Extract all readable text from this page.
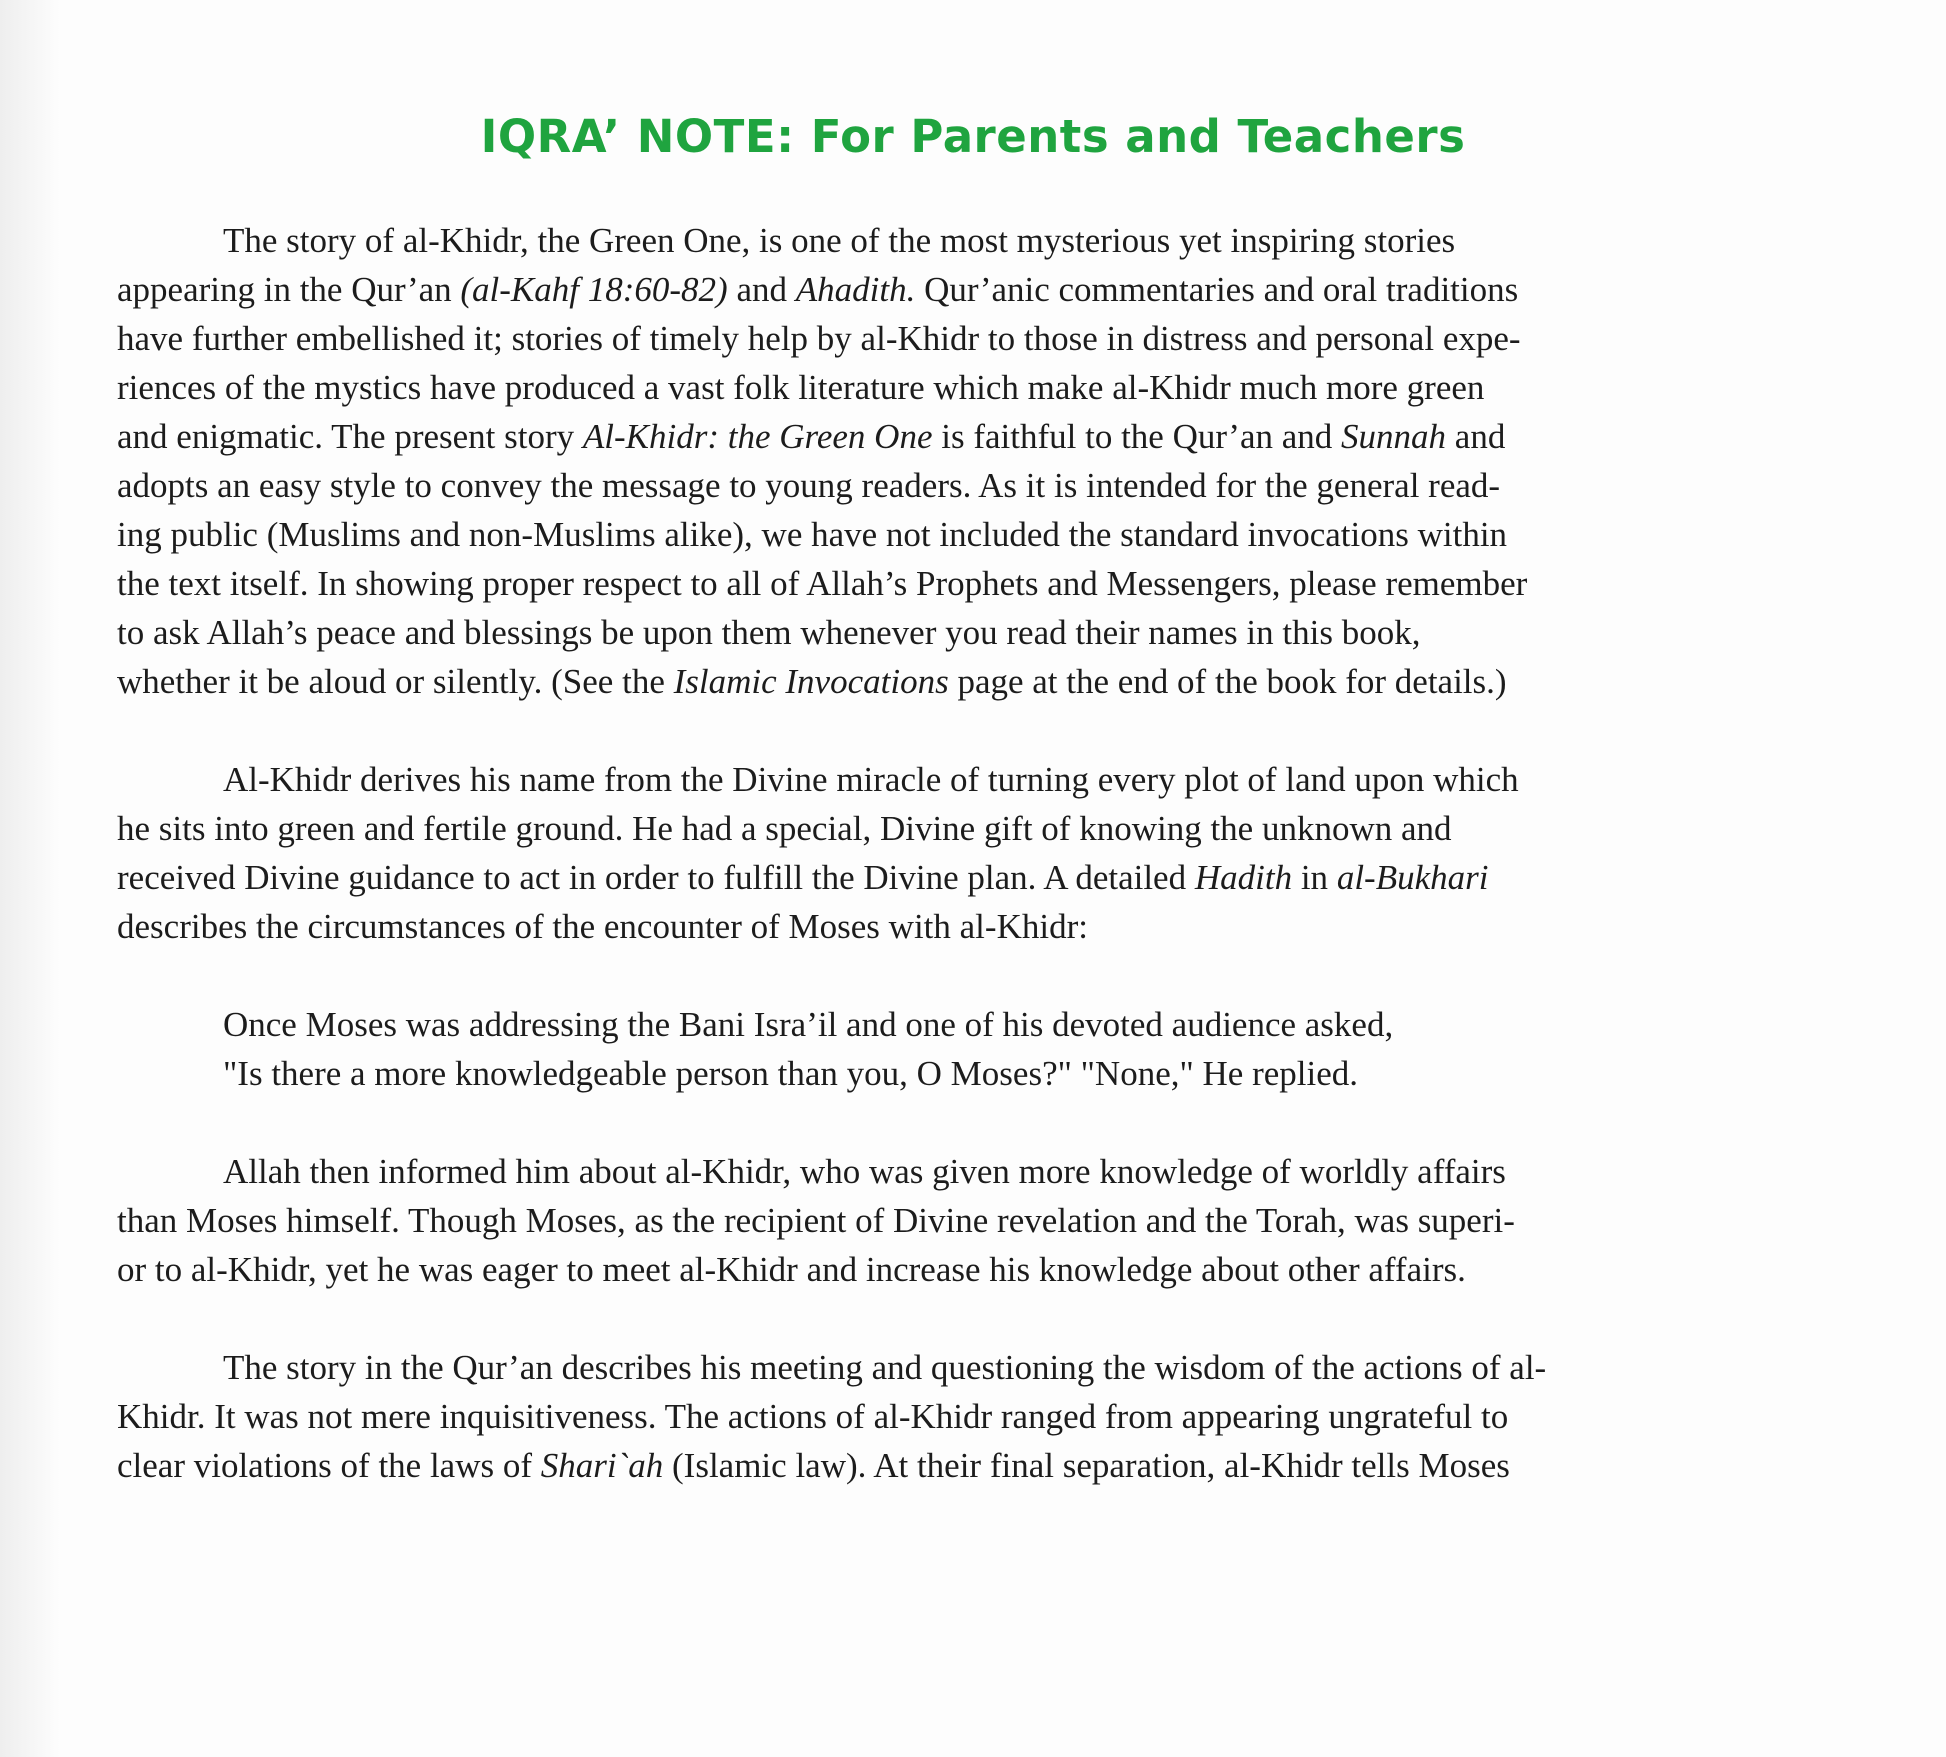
IQRA’ NOTE: For Parents and Teachers
The story of al-Khidr, the Green One, is one of the most mysterious yet inspiring stories
appearing in the Qur’an (al-Kahf 18:60-82) and Ahadith. Qur’anic commentaries and oral traditions
have further embellished it; stories of timely help by al-Khidr to those in distress and personal expe-
riences of the mystics have produced a vast folk literature which make al-Khidr much more green
and enigmatic. The present story Al-Khidr: the Green One is faithful to the Qur’an and Sunnah and
adopts an easy style to convey the message to young readers. As it is intended for the general read-
ing public (Muslims and non-Muslims alike), we have not included the standard invocations within
the text itself. In showing proper respect to all of Allah’s Prophets and Messengers, please remember
to ask Allah’s peace and blessings be upon them whenever you read their names in this book,
whether it be aloud or silently. (See the Islamic Invocations page at the end of the book for details.)
Al-Khidr derives his name from the Divine miracle of turning every plot of land upon which
he sits into green and fertile ground. He had a special, Divine gift of knowing the unknown and
received Divine guidance to act in order to fulfill the Divine plan. A detailed Hadith in al-Bukhari
describes the circumstances of the encounter of Moses with al-Khidr:
Once Moses was addressing the Bani Isra’il and one of his devoted audience asked,
"Is there a more knowledgeable person than you, O Moses?" "None," He replied.
Allah then informed him about al-Khidr, who was given more knowledge of worldly affairs
than Moses himself. Though Moses, as the recipient of Divine revelation and the Torah, was superi-
or to al-Khidr, yet he was eager to meet al-Khidr and increase his knowledge about other affairs.
The story in the Qur’an describes his meeting and questioning the wisdom of the actions of al-
Khidr. It was not mere inquisitiveness. The actions of al-Khidr ranged from appearing ungrateful to
clear violations of the laws of Shari`ah (Islamic law). At their final separation, al-Khidr tells Moses
